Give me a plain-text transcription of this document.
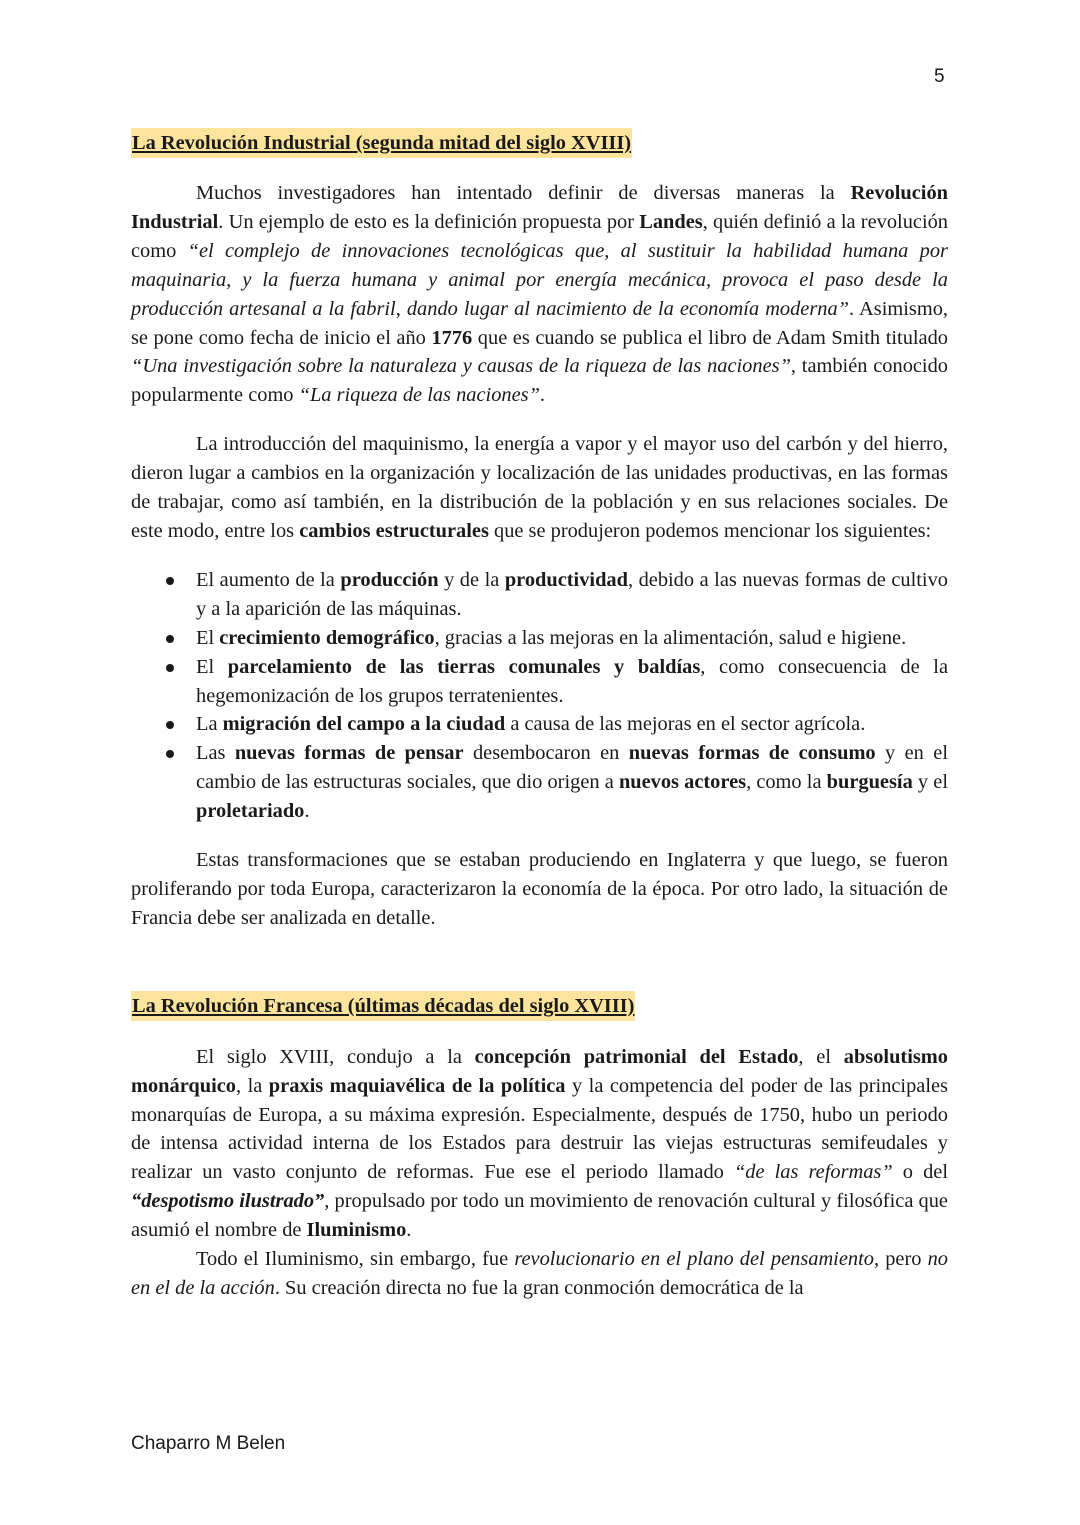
5
La Revolución Industrial (segunda mitad del siglo XVIII)

Muchos investigadores han intentado definir de diversas maneras la Revolución Industrial. Un ejemplo de esto es la definición propuesta por Landes, quién definió a la revolución como “el complejo de innovaciones tecnológicas que, al sustituir la habilidad humana por maquinaria, y la fuerza humana y animal por energía mecánica, provoca el paso desde la producción artesanal a la fabril, dando lugar al nacimiento de la economía moderna”. Asimismo, se pone como fecha de inicio el año 1776 que es cuando se publica el libro de Adam Smith titulado “Una investigación sobre la naturaleza y causas de la riqueza de las naciones”, también conocido popularmente como “La riqueza de las naciones”.

La introducción del maquinismo, la energía a vapor y el mayor uso del carbón y del hierro, dieron lugar a cambios en la organización y localización de las unidades productivas, en las formas de trabajar, como así también, en la distribución de la población y en sus relaciones sociales. De este modo, entre los cambios estructurales que se produjeron podemos mencionar los siguientes:

El aumento de la producción y de la productividad, debido a las nuevas formas de cultivo y a la aparición de las máquinas.
El crecimiento demográfico, gracias a las mejoras en la alimentación, salud e higiene.
El parcelamiento de las tierras comunales y baldías, como consecuencia de la hegemonización de los grupos terratenientes.
La migración del campo a la ciudad a causa de las mejoras en el sector agrícola.
Las nuevas formas de pensar desembocaron en nuevas formas de consumo y en el cambio de las estructuras sociales, que dio origen a nuevos actores, como la burguesía y el proletariado.

Estas transformaciones que se estaban produciendo en Inglaterra y que luego, se fueron proliferando por toda Europa, caracterizaron la economía de la época. Por otro lado, la situación de Francia debe ser analizada en detalle.

La Revolución Francesa (últimas décadas del siglo XVIII)

El siglo XVIII, condujo a la concepción patrimonial del Estado, el absolutismo monárquico, la praxis maquiavélica de la política y la competencia del poder de las principales monarquías de Europa, a su máxima expresión. Especialmente, después de 1750, hubo un periodo de intensa actividad interna de los Estados para destruir las viejas estructuras semifeudales y realizar un vasto conjunto de reformas. Fue ese el periodo llamado “de las reformas” o del “despotismo ilustrado”, propulsado por todo un movimiento de renovación cultural y filosófica que asumió el nombre de Iluminismo.

Todo el Iluminismo, sin embargo, fue revolucionario en el plano del pensamiento, pero no en el de la acción. Su creación directa no fue la gran conmoción democrática de la

Chaparro M Belen
